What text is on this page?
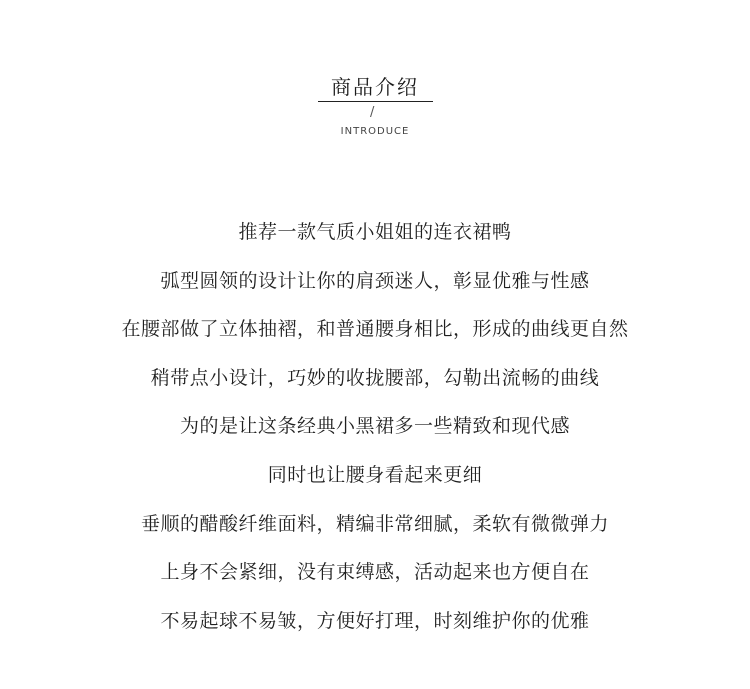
商品介绍
/
INTRODUCE
推荐一款气质小姐姐的连衣裙鸭
弧型圆领的设计让你的肩颈迷人，彰显优雅与性感
在腰部做了立体抽褶，和普通腰身相比，形成的曲线更自然
稍带点小设计，巧妙的收拢腰部，勾勒出流畅的曲线
为的是让这条经典小黑裙多一些精致和现代感
同时也让腰身看起来更细
垂顺的醋酸纤维面料，精编非常细腻，柔软有微微弹力
上身不会紧细，没有束缚感，活动起来也方便自在
不易起球不易皱，方便好打理，时刻维护你的优雅
